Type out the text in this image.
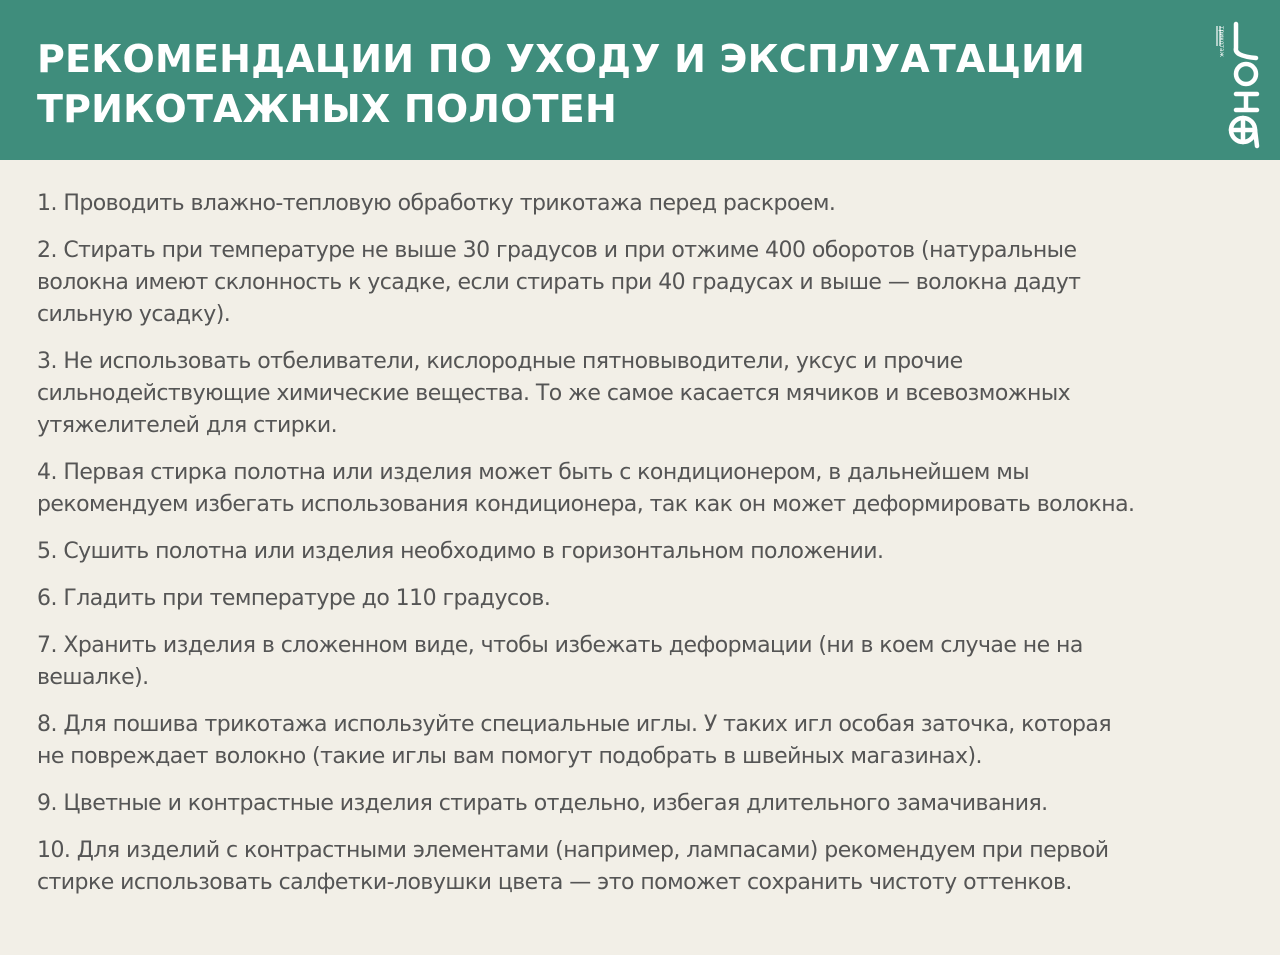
РЕКОМЕНДАЦИИ ПО УХОДУ И ЭКСПЛУАТАЦИИ
ТРИКОТАЖНЫХ ПОЛОТЕН
ЛОНА
трикотаж

1. Проводить влажно-тепловую обработку трикотажа перед раскроем.

2. Стирать при температуре не выше 30 градусов и при отжиме 400 оборотов (натуральные
волокна имеют склонность к усадке, если стирать при 40 градусах и выше — волокна дадут
сильную усадку).

3. Не использовать отбеливатели, кислородные пятновыводители, уксус и прочие
сильнодействующие химические вещества. То же самое касается мячиков и всевозможных
утяжелителей для стирки.

4. Первая стирка полотна или изделия может быть с кондиционером, в дальнейшем мы
рекомендуем избегать использования кондиционера, так как он может деформировать волокна.

5. Сушить полотна или изделия необходимо в горизонтальном положении.

6. Гладить при температуре до 110 градусов.

7. Хранить изделия в сложенном виде, чтобы избежать деформации (ни в коем случае не на
вешалке).

8. Для пошива трикотажа используйте специальные иглы. У таких игл особая заточка, которая
не повреждает волокно (такие иглы вам помогут подобрать в швейных магазинах).

9. Цветные и контрастные изделия стирать отдельно, избегая длительного замачивания.

10. Для изделий с контрастными элементами (например, лампасами) рекомендуем при первой
стирке использовать салфетки-ловушки цвета — это поможет сохранить чистоту оттенков.
